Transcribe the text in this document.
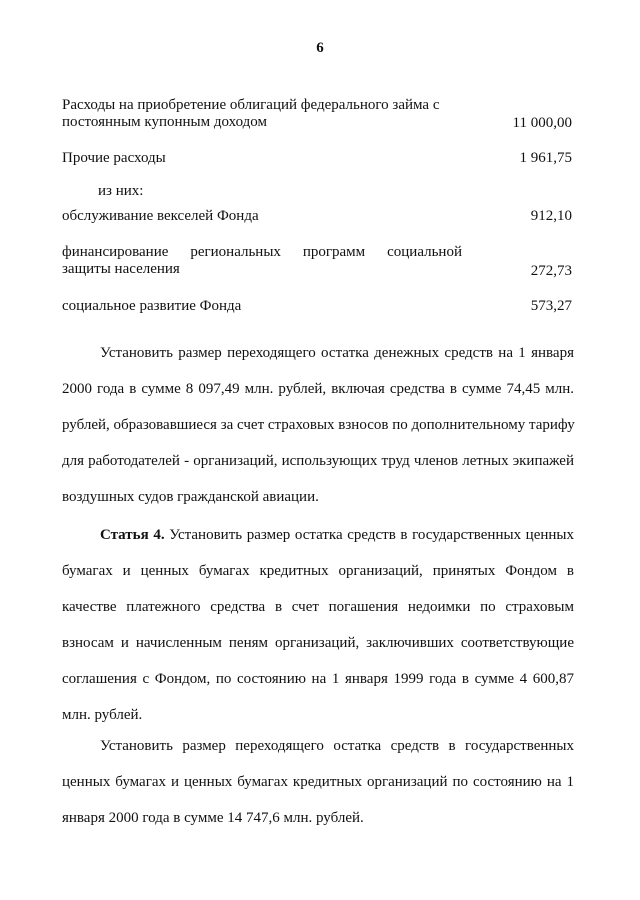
6
Расходы на приобретение облигаций федерального займа с
постоянным купонным доходом	11 000,00
Прочие расходы	1 961,75
из них:
обслуживание векселей Фонда	912,10
финансирование региональных программ социальной
защиты населения	272,73
социальное развитие Фонда	573,27
Установить размер переходящего остатка денежных средств на 1 января
2000 года в сумме 8 097,49 млн. рублей, включая средства в сумме 74,45 млн.
рублей, образовавшиеся за счет страховых взносов по дополнительному тарифу
для работодателей - организаций, использующих труд членов летных экипажей
воздушных судов гражданской авиации.
Статья 4. Установить размер остатка средств в государственных ценных
бумагах и ценных бумагах кредитных организаций, принятых Фондом в
качестве платежного средства в счет погашения недоимки по страховым
взносам и начисленным пеням организаций, заключивших соответствующие
соглашения с Фондом, по состоянию на 1 января 1999 года в сумме 4 600,87
млн. рублей.
Установить размер переходящего остатка средств в государственных
ценных бумагах и ценных бумагах кредитных организаций по состоянию на 1
января 2000 года в сумме 14 747,6 млн. рублей.
